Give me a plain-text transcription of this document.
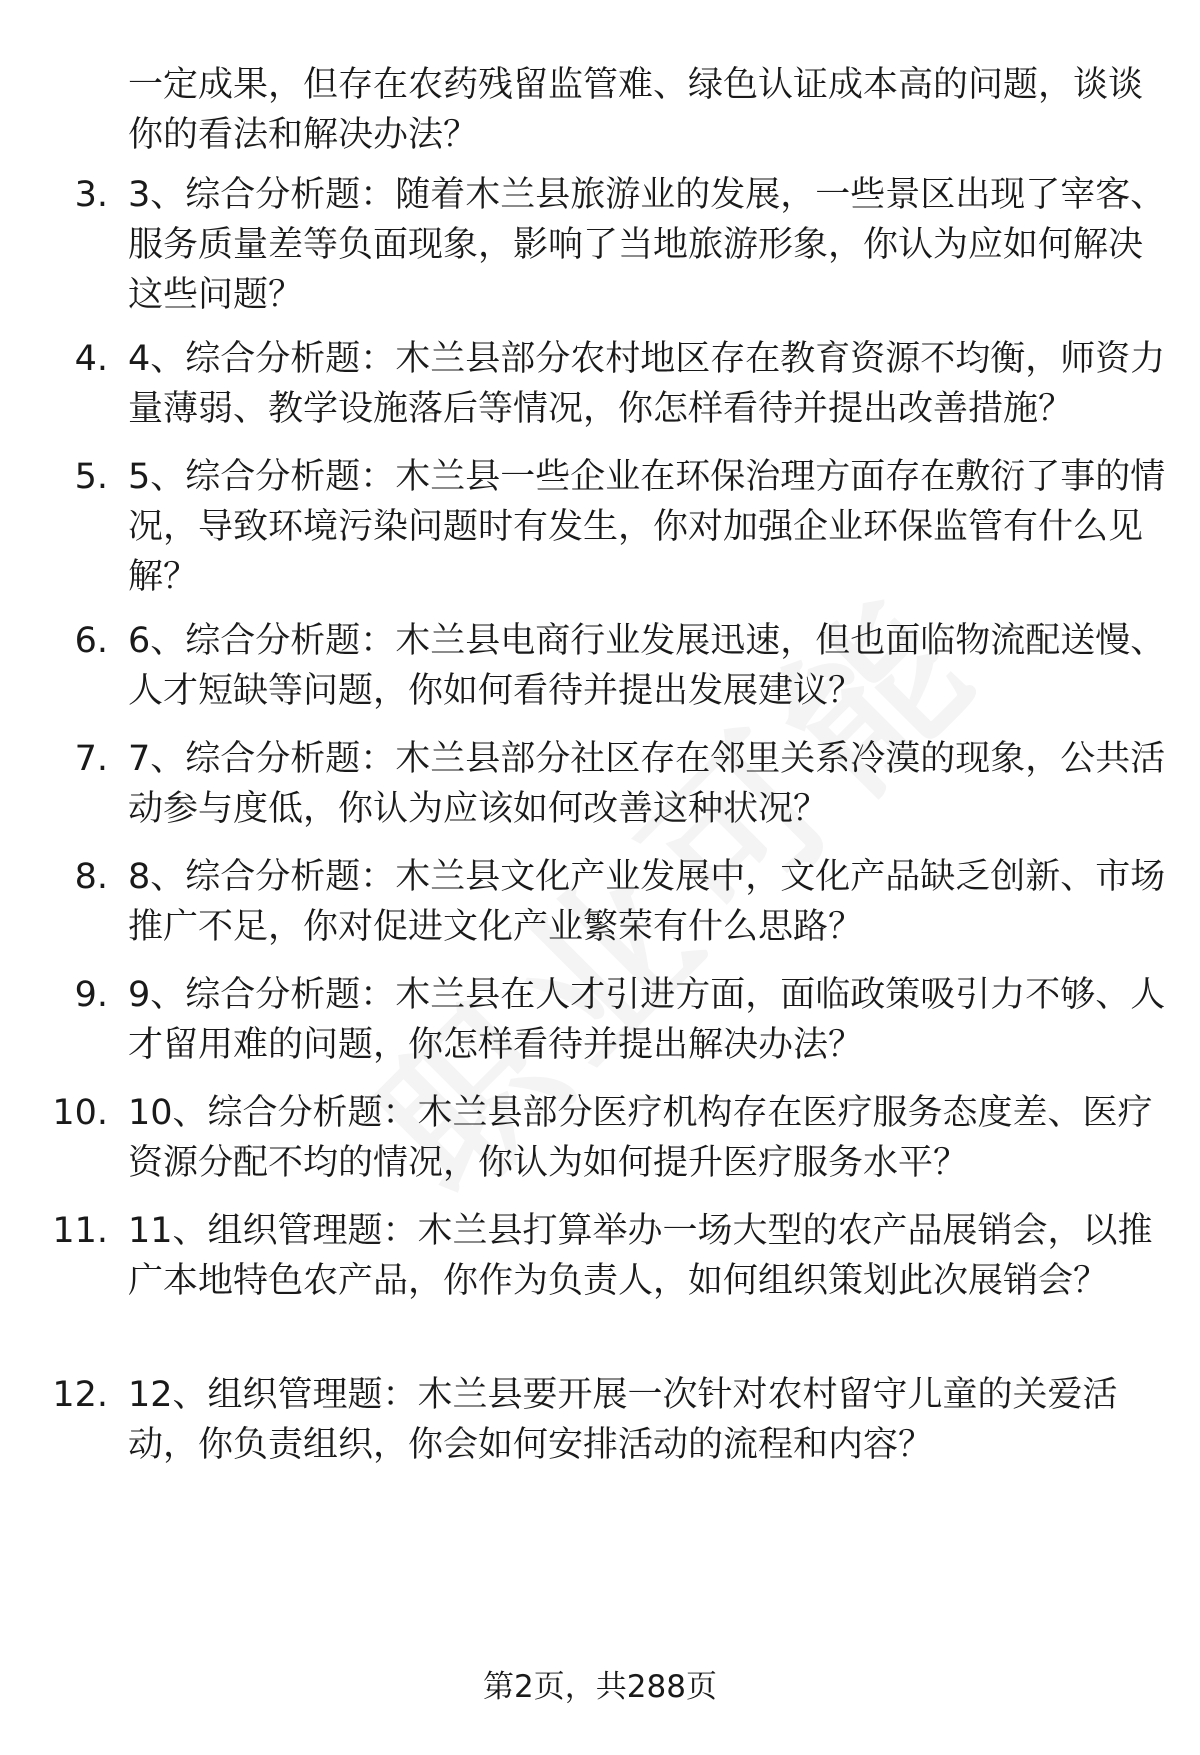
一定成果，但存在农药残留监管难、绿色认证成本高的问题，谈谈你的看法和解决办法？
3. 3、综合分析题：随着木兰县旅游业的发展，一些景区出现了宰客、服务质量差等负面现象，影响了当地旅游形象，你认为应如何解决这些问题？
4. 4、综合分析题：木兰县部分农村地区存在教育资源不均衡，师资力量薄弱、教学设施落后等情况，你怎样看待并提出改善措施？
5. 5、综合分析题：木兰县一些企业在环保治理方面存在敷衍了事的情况，导致环境污染问题时有发生，你对加强企业环保监管有什么见解？
6. 6、综合分析题：木兰县电商行业发展迅速，但也面临物流配送慢、人才短缺等问题，你如何看待并提出发展建议？
7. 7、综合分析题：木兰县部分社区存在邻里关系冷漠的现象，公共活动参与度低，你认为应该如何改善这种状况？
8. 8、综合分析题：木兰县文化产业发展中，文化产品缺乏创新、市场推广不足，你对促进文化产业繁荣有什么思路？
9. 9、综合分析题：木兰县在人才引进方面，面临政策吸引力不够、人才留用难的问题，你怎样看待并提出解决办法？
10. 10、综合分析题：木兰县部分医疗机构存在医疗服务态度差、医疗资源分配不均的情况，你认为如何提升医疗服务水平？
11. 11、组织管理题：木兰县打算举办一场大型的农产品展销会，以推广本地特色农产品，你作为负责人，如何组织策划此次展销会？
12. 12、组织管理题：木兰县要开展一次针对农村留守儿童的关爱活动，你负责组织，你会如何安排活动的流程和内容？
第2页，共288页
